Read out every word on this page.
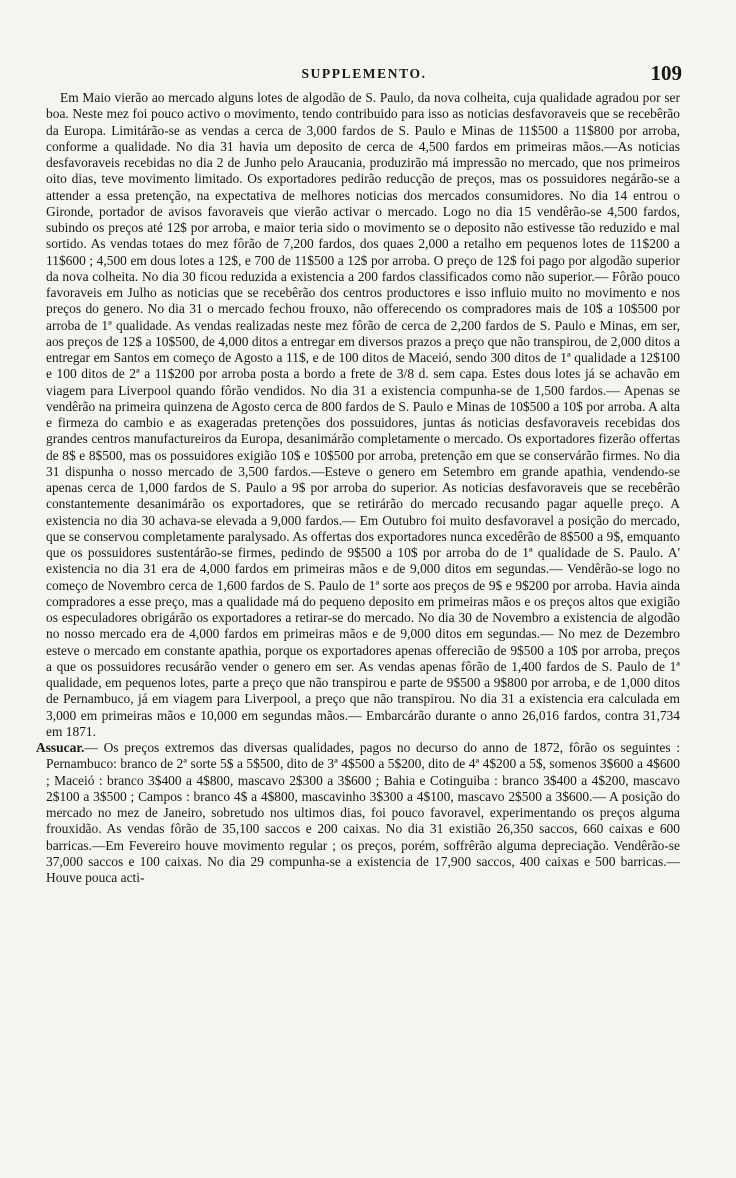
SUPPLEMENTO.	109

Em Maio vierão ao mercado alguns lotes de algodão de S. Paulo, da nova colheita, cuja qualidade agradou por ser boa. Neste mez foi pouco activo o movimento, tendo contribuido para isso as noticias desfavoraveis que se recebêrão da Europa. Limitárão-se as vendas a cerca de 3,000 fardos de S. Paulo e Minas de 11$500 a 11$800 por arroba, conforme a qualidade. No dia 31 havia um deposito de cerca de 4,500 fardos em primeiras mãos.—As noticias desfavoraveis recebidas no dia 2 de Junho pelo Araucania, produzirão má impressão no mercado, que nos primeiros oito dias, teve movimento limitado. Os exportadores pedirão reducção de preços, mas os possuidores negárão-se a attender a essa pretenção, na expectativa de melhores noticias dos mercados consumidores. No dia 14 entrou o Gironde, portador de avisos favoraveis que vierão activar o mercado. Logo no dia 15 vendêrão-se 4,500 fardos, subindo os preços até 12$ por arroba, e maior teria sido o movimento se o deposito não estivesse tão reduzido e mal sortido. As vendas totaes do mez fôrão de 7,200 fardos, dos quaes 2,000 a retalho em pequenos lotes de 11$200 a 11$600 ; 4,500 em dous lotes a 12$, e 700 de 11$500 a 12$ por arroba. O preço de 12$ foi pago por algodão superior da nova colheita. No dia 30 ficou reduzida a existencia a 200 fardos classificados como não superior.— Fôrão pouco favoraveis em Julho as noticias que se recebêrão dos centros productores e isso influio muito no movimento e nos preços do genero. No dia 31 o mercado fechou frouxo, não offerecendo os compradores mais de 10$ a 10$500 por arroba de 1ª qualidade. As vendas realizadas neste mez fôrão de cerca de 2,200 fardos de S. Paulo e Minas, em ser, aos preços de 12$ a 10$500, de 4,000 ditos a entregar em diversos prazos a preço que não transpirou, de 2,000 ditos a entregar em Santos em começo de Agosto a 11$, e de 100 ditos de Maceió, sendo 300 ditos de 1ª qualidade a 12$100 e 100 ditos de 2ª a 11$200 por arroba posta a bordo a frete de 3/8 d. sem capa. Estes dous lotes já se achavão em viagem para Liverpool quando fôrão vendidos. No dia 31 a existencia compunha-se de 1,500 fardos.— Apenas se vendêrão na primeira quinzena de Agosto cerca de 800 fardos de S. Paulo e Minas de 10$500 a 10$ por arroba. A alta e firmeza do cambio e as exageradas pretenções dos possuidores, juntas ás noticias desfavoraveis recebidas dos grandes centros manufactureiros da Europa, desanimárão completamente o mercado. Os exportadores fizerão offertas de 8$ e 8$500, mas os possuidores exigião 10$ e 10$500 por arroba, pretenção em que se conservárão firmes. No dia 31 dispunha o nosso mercado de 3,500 fardos.—Esteve o genero em Setembro em grande apathia, vendendo-se apenas cerca de 1,000 fardos de S. Paulo a 9$ por arroba do superior. As noticias desfavoraveis que se recebêrão constantemente desanimárão os exportadores, que se retirárão do mercado recusando pagar aquelle preço. A existencia no dia 30 achava-se elevada a 9,000 fardos.— Em Outubro foi muito desfavoravel a posição do mercado, que se conservou completamente paralysado. As offertas dos exportadores nunca excedêrão de 8$500 a 9$, emquanto que os possuidores sustentárão-se firmes, pedindo de 9$500 a 10$ por arroba do de 1ª qualidade de S. Paulo. A' existencia no dia 31 era de 4,000 fardos em primeiras mãos e de 9,000 ditos em segundas.— Vendêrão-se logo no começo de Novembro cerca de 1,600 fardos de S. Paulo de 1ª sorte aos preços de 9$ e 9$200 por arroba. Havia ainda compradores a esse preço, mas a qualidade má do pequeno deposito em primeiras mãos e os preços altos que exigião os especuladores obrigárão os exportadores a retirar-se do mercado. No dia 30 de Novembro a existencia de algodão no nosso mercado era de 4,000 fardos em primeiras mãos e de 9,000 ditos em segundas.— No mez de Dezembro esteve o mercado em constante apathia, porque os exportadores apenas offerecião de 9$500 a 10$ por arroba, preços a que os possuidores recusárão vender o genero em ser. As vendas apenas fôrão de 1,400 fardos de S. Paulo de 1ª qualidade, em pequenos lotes, parte a preço que não transpirou e parte de 9$500 a 9$800 por arroba, e de 1,000 ditos de Pernambuco, já em viagem para Liverpool, a preço que não transpirou. No dia 31 a existencia era calculada em 3,000 em primeiras mãos e 10,000 em segundas mãos.— Embarcárão durante o anno 26,016 fardos, contra 31,734 em 1871.

Assucar.— Os preços extremos das diversas qualidades, pagos no decurso do anno de 1872, fôrão os seguintes : Pernambuco: branco de 2ª sorte 5$ a 5$500, dito de 3ª 4$500 a 5$200, dito de 4ª 4$200 a 5$, somenos 3$600 a 4$600 ; Maceió : branco 3$400 a 4$800, mascavo 2$300 a 3$600 ; Bahia e Cotinguiba : branco 3$400 a 4$200, mascavo 2$100 a 3$500 ; Campos : branco 4$ a 4$800, mascavinho 3$300 a 4$100, mascavo 2$500 a 3$600.— A posição do mercado no mez de Janeiro, sobretudo nos ultimos dias, foi pouco favoravel, experimentando os preços alguma frouxidão. As vendas fôrão de 35,100 saccos e 200 caixas. No dia 31 existião 26,350 saccos, 660 caixas e 600 barricas.—Em Fevereiro houve movimento regular ; os preços, porém, soffrêrão alguma depreciação. Vendêrão-se 37,000 saccos e 100 caixas. No dia 29 compunha-se a existencia de 17,900 saccos, 400 caixas e 500 barricas.— Houve pouca acti-
